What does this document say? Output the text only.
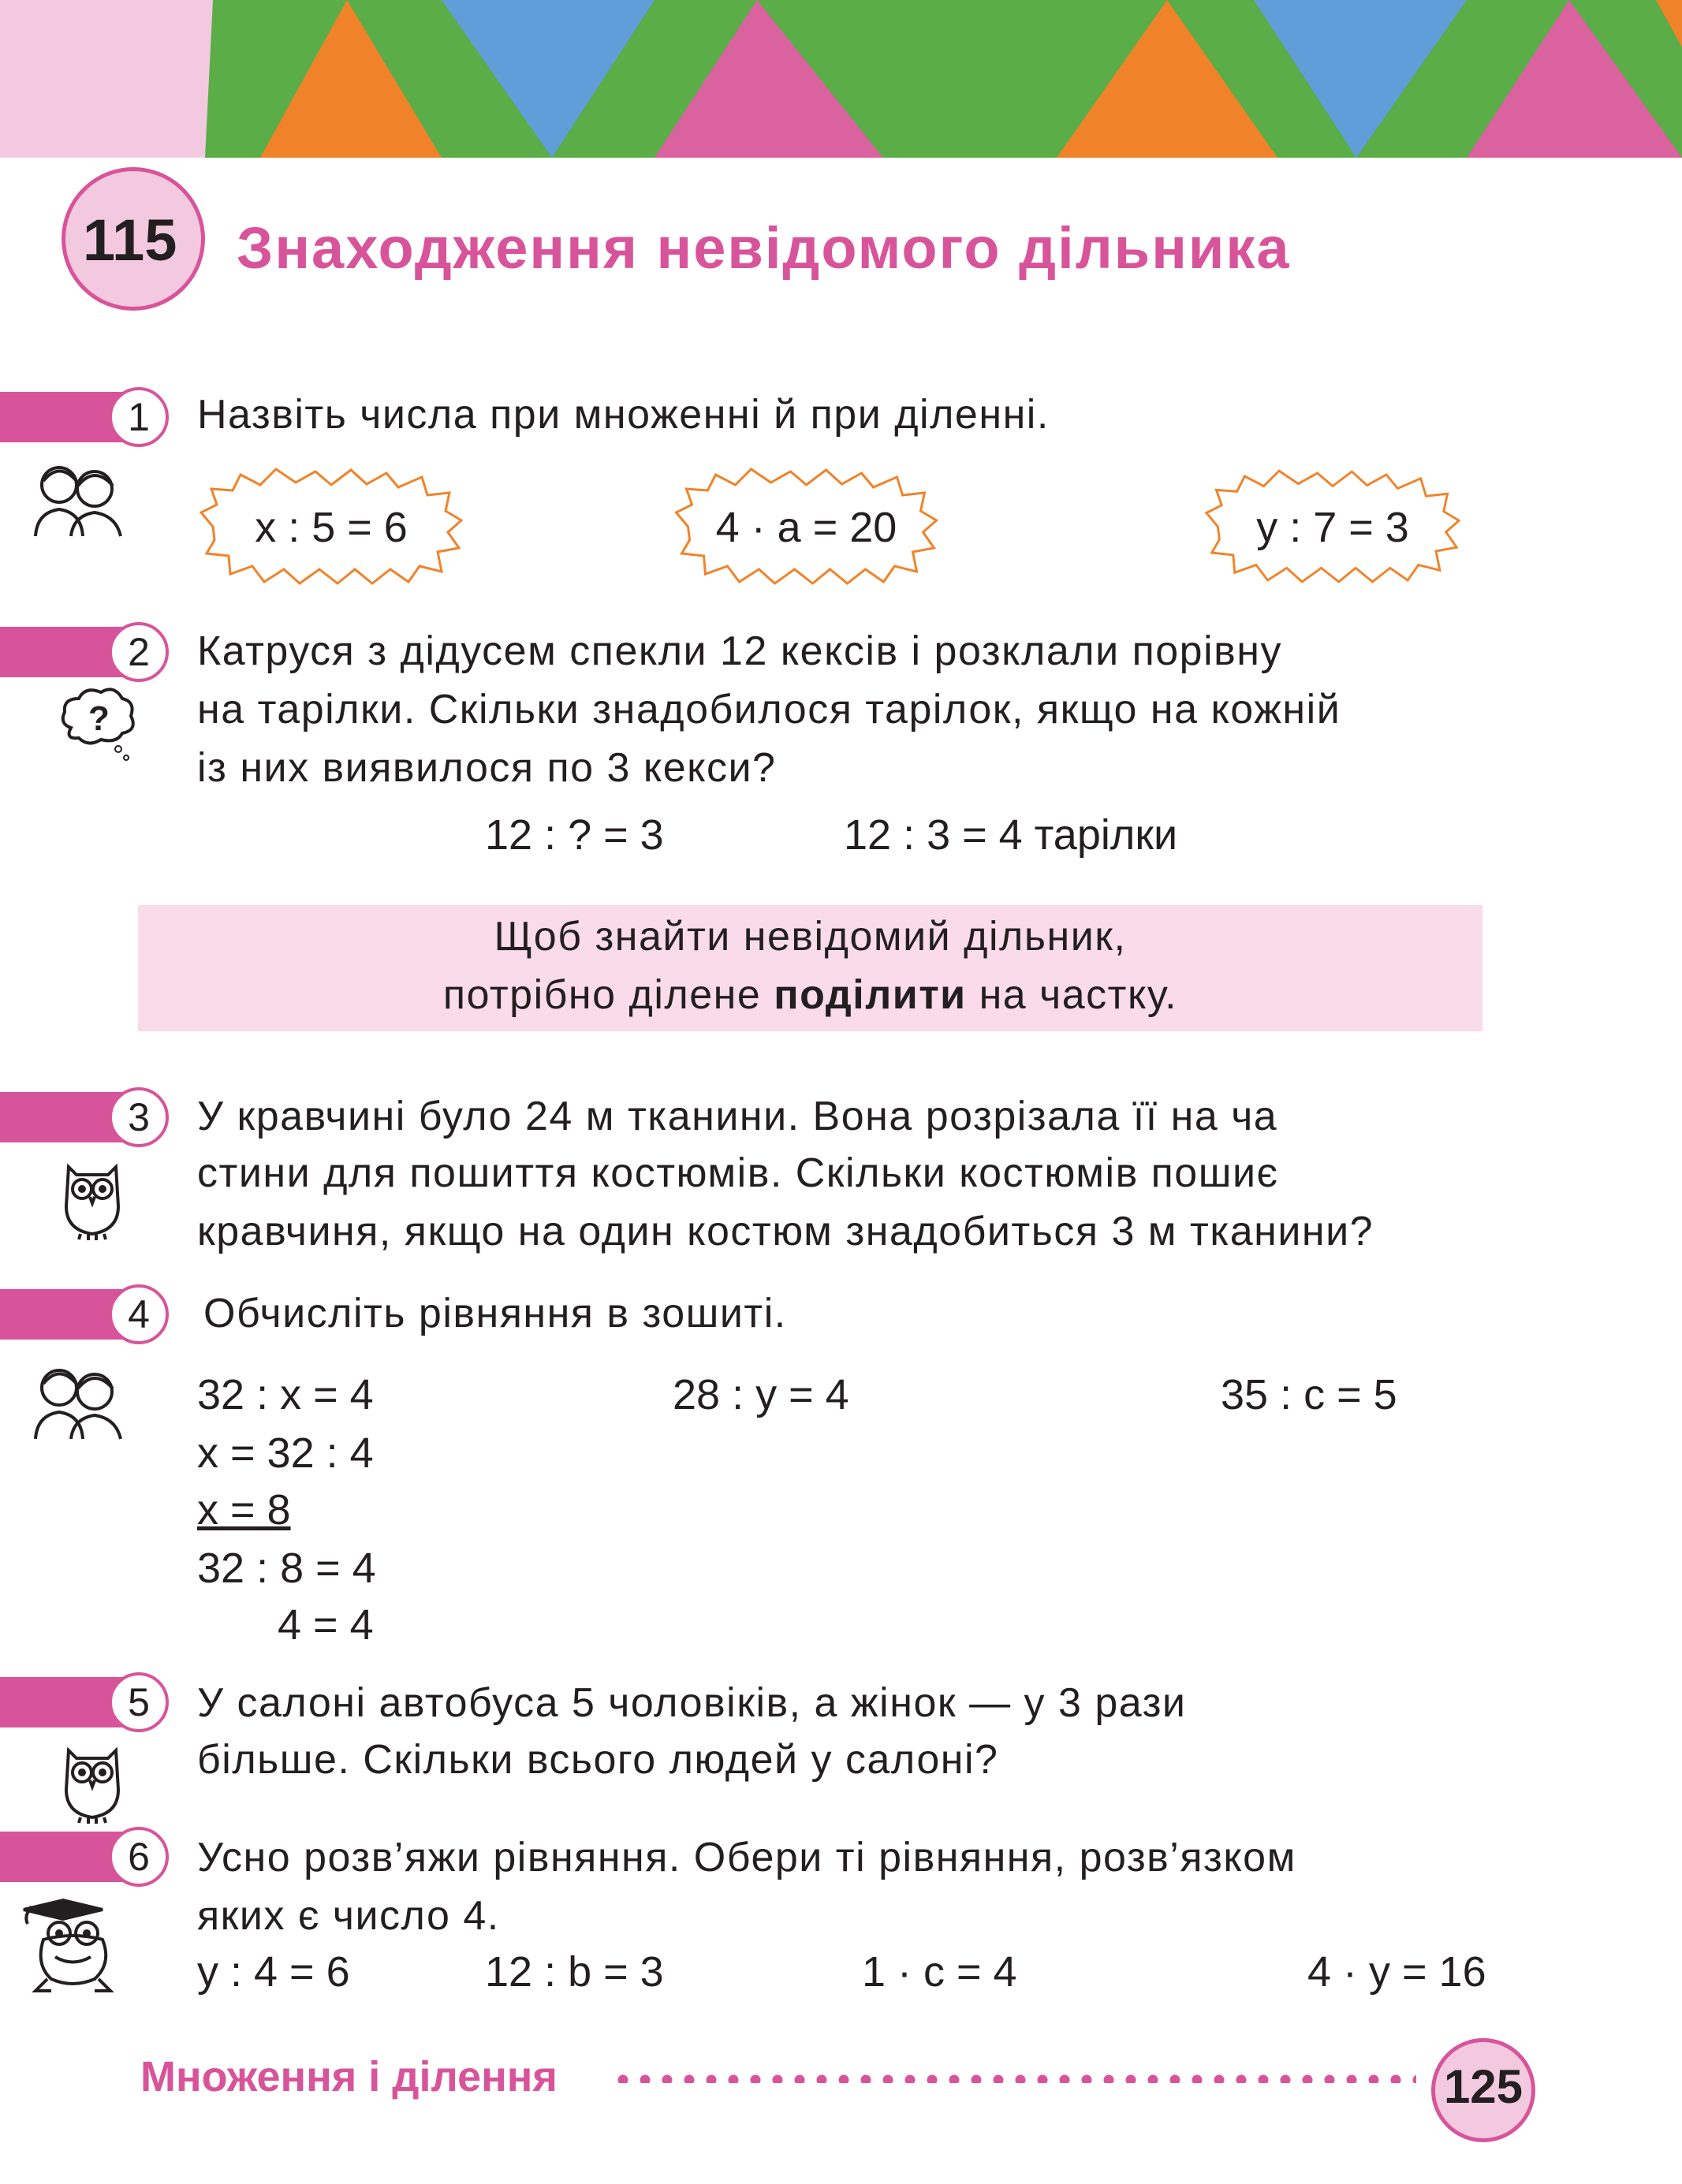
115	Знаходження невідомого дільника
1	Назвіть числа при множенні й при діленні.
x : 5 = 6	4 · a = 20	y : 7 = 3
2	Катруся з дідусем спекли 12 кексів і розклали порівну
на тарілки. Скільки знадобилося тарілок, якщо на кожній
із них виявилося по 3 кекси?
?
12 : ? = 3	12 : 3 = 4 тарілки
Щоб знайти невідомий дільник,
потрібно ділене поділити на частку.
3	У кравчині було 24 м тканини. Вона розрізала її на ча
стини для пошиття костюмів. Скільки костюмів пошиє
кравчиня, якщо на один костюм знадобиться 3 м тканини?
4	Обчисліть рівняння в зошиті.
32 : x = 4
x = 32 : 4
x = 8
32 : 8 = 4
4 = 4
28 : y = 4	35 : c = 5
5	У салоні автобуса 5 чоловіків, а жінок — у 3 рази
більше. Скільки всього людей у салоні?
6	Усно розв’яжи рівняння. Обери ті рівняння, розв’язком
яких є число 4.
y : 4 = 6	12 : b = 3	1 · c = 4	4 · y = 16
Множення і ділення	125
